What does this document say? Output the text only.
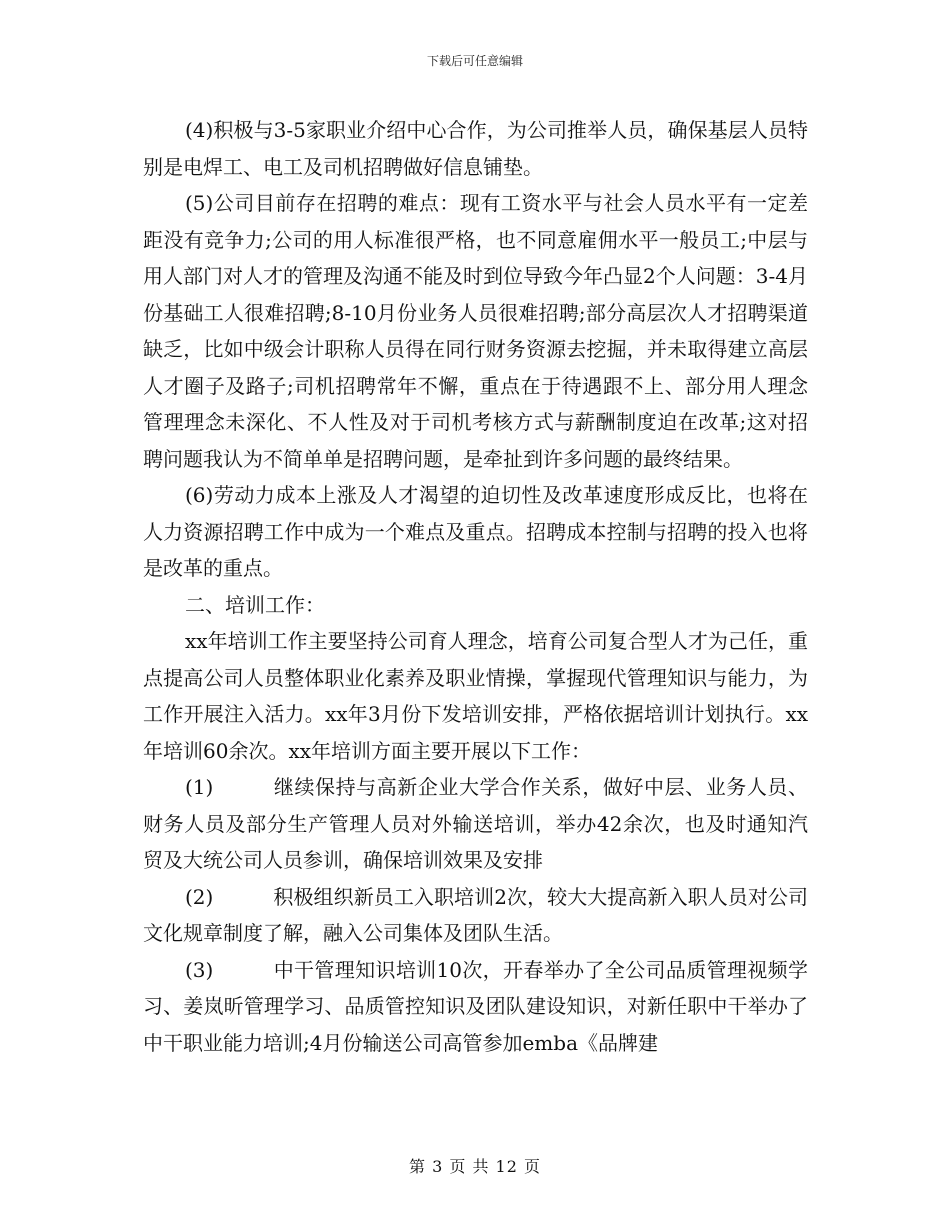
下载后可任意编辑

(4)积极与3-5家职业介绍中心合作，为公司推举人员，确保基层人员特别是电焊工、电工及司机招聘做好信息铺垫。

(5)公司目前存在招聘的难点：现有工资水平与社会人员水平有一定差距没有竞争力;公司的用人标准很严格，也不同意雇佣水平一般员工;中层与用人部门对人才的管理及沟通不能及时到位导致今年凸显2个人问题：3-4月份基础工人很难招聘;8-10月份业务人员很难招聘;部分高层次人才招聘渠道缺乏，比如中级会计职称人员得在同行财务资源去挖掘，并未取得建立高层人才圈子及路子;司机招聘常年不懈，重点在于待遇跟不上、部分用人理念管理理念未深化、不人性及对于司机考核方式与薪酬制度迫在改革;这对招聘问题我认为不简单单是招聘问题，是牵扯到许多问题的最终结果。

(6)劳动力成本上涨及人才渴望的迫切性及改革速度形成反比，也将在人力资源招聘工作中成为一个难点及重点。招聘成本控制与招聘的投入也将是改革的重点。

二、培训工作：

xx年培训工作主要坚持公司育人理念，培育公司复合型人才为己任，重点提高公司人员整体职业化素养及职业情操，掌握现代管理知识与能力，为工作开展注入活力。xx年3月份下发培训安排，严格依据培训计划执行。xx年培训60余次。xx年培训方面主要开展以下工作：

(1)	继续保持与高新企业大学合作关系，做好中层、业务人员、财务人员及部分生产管理人员对外输送培训，举办42余次，也及时通知汽贸及大统公司人员参训，确保培训效果及安排

(2)	积极组织新员工入职培训2次，较大大提高新入职人员对公司文化规章制度了解，融入公司集体及团队生活。

(3)	中干管理知识培训10次，开春举办了全公司品质管理视频学习、姜岚昕管理学习、品质管控知识及团队建设知识，对新任职中干举办了中干职业能力培训;4月份输送公司高管参加emba《品牌建

第 3 页 共 12 页
